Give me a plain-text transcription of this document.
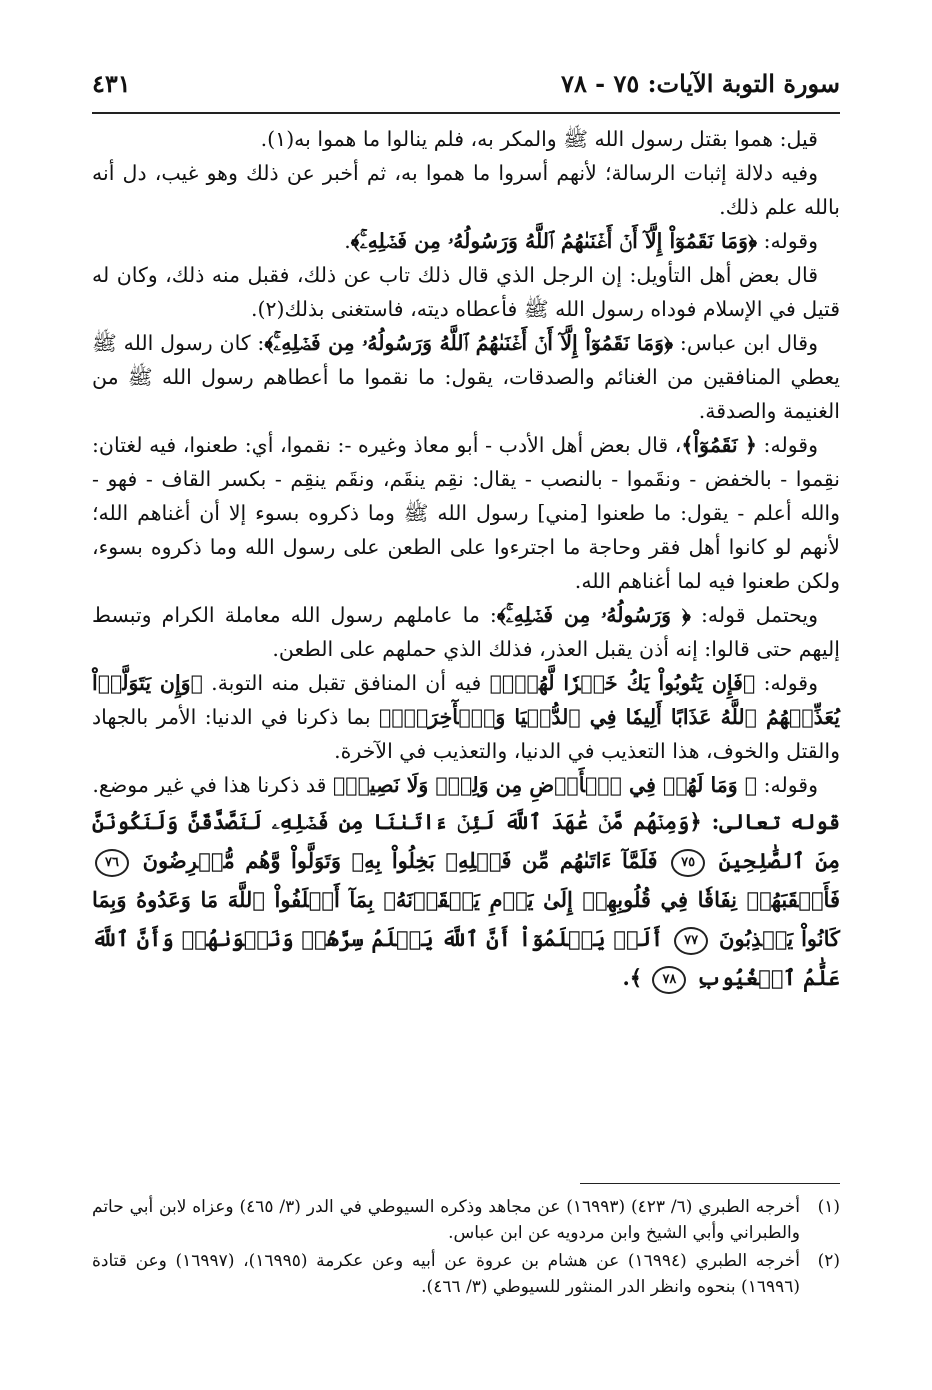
سورة التوبة الآيات: ٧٥ - ٧٨
٤٣١

قيل: هموا بقتل رسول الله ﷺ والمكر به، فلم ينالوا ما هموا به(١).

وفيه دلالة إثبات الرسالة؛ لأنهم أسروا ما هموا به، ثم أخبر عن ذلك وهو غيب، دل أنه بالله علم ذلك.

وقوله: ﴿وَمَا نَقَمُوٓاْ إِلَّآ أَنۡ أَغۡنَىٰهُمُ ٱللَّهُ وَرَسُولُهُۥ مِن فَضۡلِهِۦۚ﴾.

قال بعض أهل التأويل: إن الرجل الذي قال ذلك تاب عن ذلك، فقبل منه ذلك، وكان له قتيل في الإسلام فوداه رسول الله ﷺ فأعطاه ديته، فاستغنى بذلك(٢).

وقال ابن عباس: ﴿وَمَا نَقَمُوٓاْ إِلَّآ أَنۡ أَغۡنَىٰهُمُ ٱللَّهُ وَرَسُولُهُۥ مِن فَضۡلِهِۦۚ﴾: كان رسول الله ﷺ يعطي المنافقين من الغنائم والصدقات، يقول: ما نقموا ما أعطاهم رسول الله ﷺ من الغنيمة والصدقة.

وقوله: ﴿ نَقَمُوٓاْ﴾، قال بعض أهل الأدب - أبو معاذ وغيره -: نقموا، أي: طعنوا، فيه لغتان: نقِموا - بالخفض - ونقَموا - بالنصب - يقال: نقِم ينقَم، ونقَم ينقِم - بكسر القاف - فهو - والله أعلم - يقول: ما طعنوا [مني] رسول الله ﷺ وما ذكروه بسوء إلا أن أغناهم الله؛ لأنهم لو كانوا أهل فقر وحاجة ما اجترءوا على الطعن على رسول الله وما ذكروه بسوء، ولكن طعنوا فيه لما أغناهم الله.

ويحتمل قوله: ﴿ وَرَسُولُهُۥ مِن فَضۡلِهِۦۚ﴾: ما عاملهم رسول الله معاملة الكرام وتبسط إليهم حتى قالوا: إنه أذن يقبل العذر، فذلك الذي حملهم على الطعن.

وقوله: ﴿فَإِن يَتُوبُواْ يَكُ خَيۡرٗا لَّهُمۡۖ﴾ فيه أن المنافق تقبل منه التوبة. ﴿وَإِن يَتَوَلَّوۡاْ يُعَذِّبۡهُمُ ٱللَّهُ عَذَابًا أَلِيمٗا فِي ٱلدُّنۡيَا وَٱلۡأٓخِرَةِۚ﴾ بما ذكرنا في الدنيا: الأمر بالجهاد والقتل والخوف، هذا التعذيب في الدنيا، والتعذيب في الآخرة.

وقوله: ﴿ وَمَا لَهُمۡ فِي ٱلۡأَرۡضِ مِن وَلِيّٖ وَلَا نَصِيرٖ﴾ قد ذكرنا هذا في غير موضع.

قوله تعالى: ﴿وَمِنۡهُم مَّنۡ عَٰهَدَ ٱللَّهَ لَئِنۡ ءَاتَىٰنَا مِن فَضۡلِهِۦ لَنَصَّدَّقَنَّ وَلَنَكُونَنَّ مِنَ ٱلصَّٰلِحِينَ ٧٥ فَلَمَّآ ءَاتَىٰهُم مِّن فَضۡلِهِۦ بَخِلُواْ بِهِۦ وَتَوَلَّواْ وَّهُم مُّعۡرِضُونَ ٧٦ فَأَعۡقَبَهُمۡ نِفَاقٗا فِي قُلُوبِهِمۡ إِلَىٰ يَوۡمِ يَلۡقَوۡنَهُۥ بِمَآ أَخۡلَفُواْ ٱللَّهَ مَا وَعَدُوهُ وَبِمَا كَانُواْ يَكۡذِبُونَ ٧٧ أَلَمۡ يَعۡلَمُوٓاْ أَنَّ ٱللَّهَ يَعۡلَمُ سِرَّهُمۡ وَنَجۡوَىٰهُمۡ وَأَنَّ ٱللَّهَ عَلَّٰمُ ٱلۡغُيُوبِ ٧٨ ﴾.

(١)
أخرجه الطبري (٦/ ٤٢٣) (١٦٩٩٣) عن مجاهد وذكره السيوطي في الدر (٣/ ٤٦٥) وعزاه لابن أبي حاتم والطبراني وأبي الشيخ وابن مردويه عن ابن عباس.
(٢)
أخرجه الطبري (١٦٩٩٤) عن هشام بن عروة عن أبيه وعن عكرمة (١٦٩٩٥)، (١٦٩٩٧) وعن قتادة (١٦٩٩٦) بنحوه وانظر الدر المنثور للسيوطي (٣/ ٤٦٦).
